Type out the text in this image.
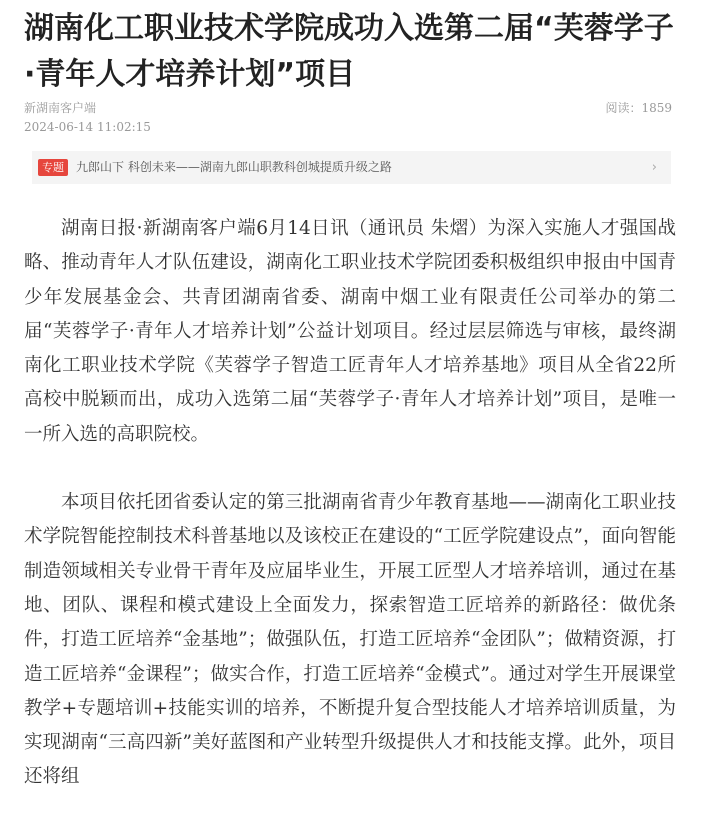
湖南化工职业技术学院成功入选第二届“芙蓉学子·青年人才培养计划”项目
新湖南客户端
2024-06-14 11:02:15
阅读：1859
专题	九郎山下 科创未来——湖南九郎山职教科创城提质升级之路	›

湖南日报·新湖南客户端6月14日讯（通讯员 朱熠）为深入实施人才强国战略、推动青年人才队伍建设，湖南化工职业技术学院团委积极组织申报由中国青少年发展基金会、共青团湖南省委、湖南中烟工业有限责任公司举办的第二届“芙蓉学子·青年人才培养计划”公益计划项目。经过层层筛选与审核，最终湖南化工职业技术学院《芙蓉学子智造工匠青年人才培养基地》项目从全省22所高校中脱颖而出，成功入选第二届“芙蓉学子·青年人才培养计划”项目，是唯一一所入选的高职院校。

本项目依托团省委认定的第三批湖南省青少年教育基地——湖南化工职业技术学院智能控制技术科普基地以及该校正在建设的“工匠学院建设点”，面向智能制造领域相关专业骨干青年及应届毕业生，开展工匠型人才培养培训，通过在基地、团队、课程和模式建设上全面发力，探索智造工匠培养的新路径：做优条件，打造工匠培养“金基地”；做强队伍，打造工匠培养“金团队”；做精资源，打造工匠培养“金课程”；做实合作，打造工匠培养“金模式”。通过对学生开展课堂教学+专题培训+技能实训的培养，不断提升复合型技能人才培养培训质量，为实现湖南“三高四新”美好蓝图和产业转型升级提供人才和技能支撑。此外，项目还将组
